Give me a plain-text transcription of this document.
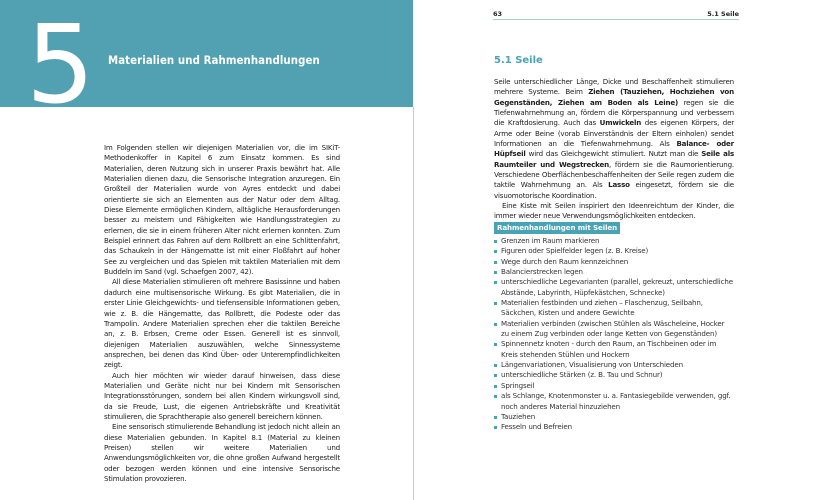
5 Materialien und Rahmenhandlungen

Im Folgenden stellen wir diejenigen Materialien vor, die im SIKiT-Methodenkoffer in Kapitel 6 zum Einsatz kommen. Es sind Materialien, deren Nutzung sich in unserer Praxis bewährt hat. Alle Materialien dienen dazu, die Sensorische Integration anzuregen. Ein Großteil der Materialien wurde von Ayres entdeckt und dabei orientierte sie sich an Elementen aus der Natur oder dem Alltag. Diese Elemente ermöglichen Kindern, alltägliche Herausforderungen besser zu meistern und Fähigkeiten wie Handlungsstrategien zu erlernen, die sie in einem früheren Alter nicht erlernen konnten. Zum Beispiel erinnert das Fahren auf dem Rollbrett an eine Schlittenfahrt, das Schaukeln in der Hängematte ist mit einer Floßfahrt auf hoher See zu vergleichen und das Spielen mit taktilen Materialien mit dem Buddeln im Sand (vgl. Schaefgen 2007, 42).

All diese Materialien stimulieren oft mehrere Basissinne und haben dadurch eine multisensorische Wirkung. Es gibt Materialien, die in erster Linie Gleichgewichts- und tiefensensible Informationen geben, wie z. B. die Hängematte, das Rollbrett, die Podeste oder das Trampolin. Andere Materialien sprechen eher die taktilen Bereiche an, z. B. Erbsen, Creme oder Essen. Generell ist es sinnvoll, diejenigen Materialien auszuwählen, welche Sinnessysteme ansprechen, bei denen das Kind Über- oder Unterempfindlichkeiten zeigt.

Auch hier möchten wir wieder darauf hinweisen, dass diese Materialien und Geräte nicht nur bei Kindern mit Sensorischen Integrationsstörungen, sondern bei allen Kindern wirkungsvoll sind, da sie Freude, Lust, die eigenen Antriebskräfte und Kreativität stimulieren, die Sprachtherapie also generell bereichern können.

Eine sensorisch stimulierende Behandlung ist jedoch nicht allein an diese Materialien gebunden. In Kapitel 8.1 (Material zu kleinen Preisen) stellen wir weitere Materialien und Anwendungsmöglichkeiten vor, die ohne großen Aufwand hergestellt oder bezogen werden können und eine intensive Sensorische Stimulation provozieren.

63	5.1 Seile
5.1 Seile

Seile unterschiedlicher Länge, Dicke und Beschaffenheit stimulieren mehrere Systeme. Beim Ziehen (Tauziehen, Hochziehen von Gegenständen, Ziehen am Boden als Leine) regen sie die Tiefenwahrnehmung an, fördern die Körperspannung und verbessern die Kraftdosierung. Auch das Umwickeln des eigenen Körpers, der Arme oder Beine (vorab Einverständnis der Eltern einholen) sendet Informationen an die Tiefenwahrnehmung. Als Balance- oder Hüpfseil wird das Gleichgewicht stimuliert. Nutzt man die Seile als Raumteiler und Wegstrecken, fördern sie die Raumorientierung. Verschiedene Oberflächenbeschaffenheiten der Seile regen zudem die taktile Wahrnehmung an. Als Lasso eingesetzt, fördern sie die visuomotorische Koordination.

Eine Kiste mit Seilen inspiriert den Ideenreichtum der Kinder, die immer wieder neue Verwendungsmöglichkeiten entdecken.

Rahmenhandlungen mit Seilen
Grenzen im Raum markieren
Figuren oder Spielfelder legen (z. B. Kreise)
Wege durch den Raum kennzeichnen
Balancierstrecken legen
unterschiedliche Legevarianten (parallel, gekreuzt, unterschiedliche Abstände, Labyrinth, Hüpfekästchen, Schnecke)
Materialien festbinden und ziehen – Flaschenzug, Seilbahn, Säckchen, Kisten und andere Gewichte
Materialien verbinden (zwischen Stühlen als Wäscheleine, Hocker zu einem Zug verbinden oder lange Ketten von Gegenständen)
Spinnennetz knoten - durch den Raum, an Tischbeinen oder im Kreis stehenden Stühlen und Hockern
Längenvariationen, Visualisierung von Unterschieden
unterschiedliche Stärken (z. B. Tau und Schnur)
Springseil
als Schlange, Knotenmonster u. a. Fantasiegebilde verwenden, ggf. noch anderes Material hinzuziehen
Tauziehen
Fesseln und Befreien
